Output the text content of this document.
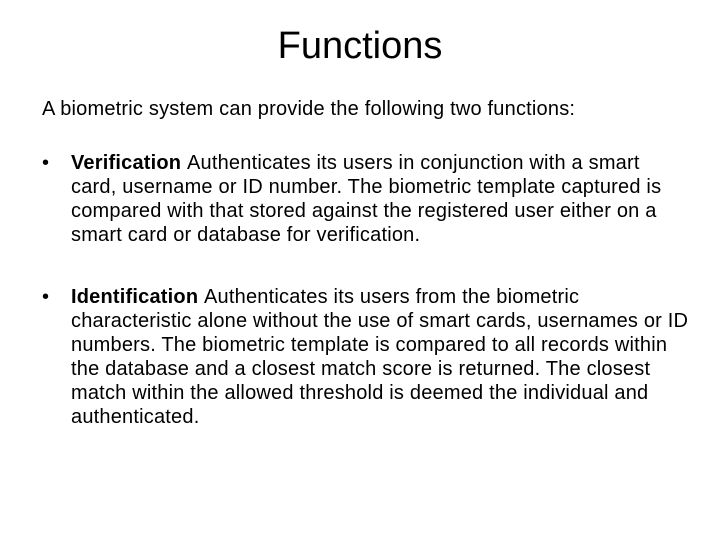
Functions

A biometric system can provide the following two functions:

•	Verification Authenticates its users in conjunction with a smart card, username or ID number. The biometric template captured is compared with that stored against the registered user either on a smart card or database for verification.
•	Identification Authenticates its users from the biometric characteristic alone without the use of smart cards, usernames or ID numbers. The biometric template is compared to all records within the database and a closest match score is returned. The closest match within the allowed threshold is deemed the individual and authenticated.
